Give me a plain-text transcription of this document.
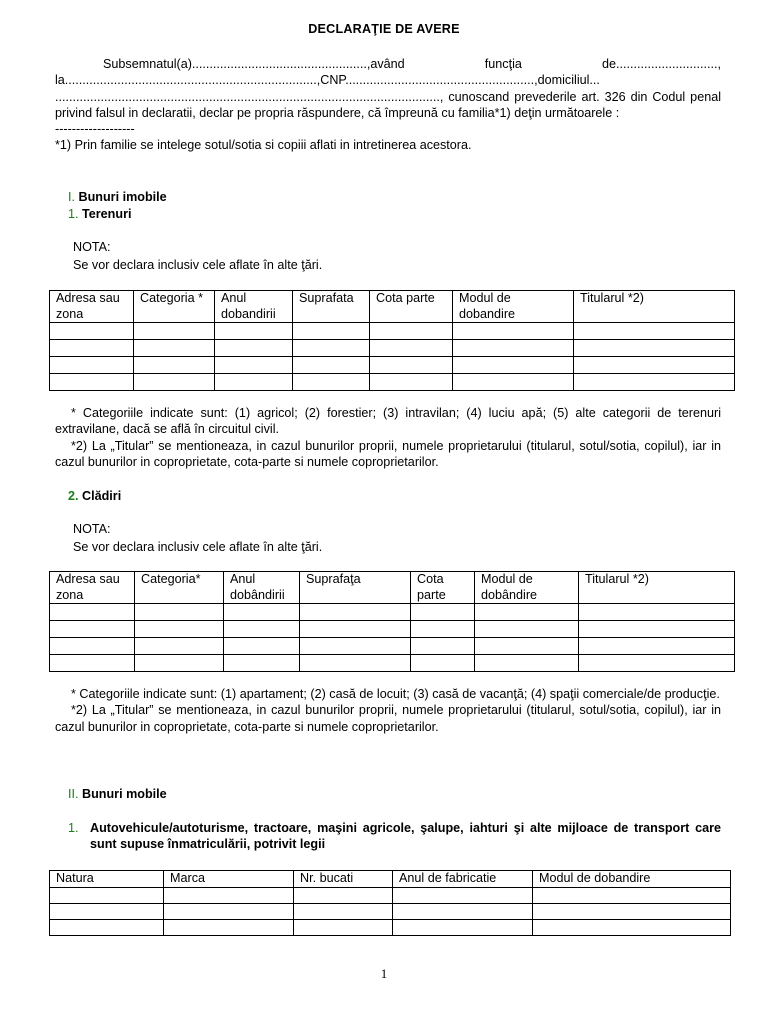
DECLARAŢIE DE AVERE

Subsemnatul(a)..................................................,având funcţia de............................., la........................................................................,CNP......................................................,domiciliul... .............................................................................................................., cunoscand prevederile art. 326 din Codul penal privind falsul in declaratii, declar pe propria răspundere, că împreună cu familia*1) deţin următoarele :

-------------------

*1) Prin familie se intelege sotul/sotia si copiii aflati in intretinerea acestora.

I. Bunuri imobile
1. Terenuri
NOTA:
Se vor declara inclusiv cele aflate în alte ţări.
Adresa sau zona	Categoria *	Anul dobandirii	Suprafata	Cota parte	Modul de dobandire	Titularul *2)

* Categoriile indicate sunt: (1) agricol; (2) forestier; (3) intravilan; (4) luciu apă; (5) alte categorii de terenuri extravilane, dacă se află în circuitul civil.

*2) La „Titular” se mentioneaza, in cazul bunurilor proprii, numele proprietarului (titularul, sotul/sotia, copilul), iar in cazul bunurilor in coproprietate, cota-parte si numele coproprietarilor.

2. Clădiri
NOTA:
Se vor declara inclusiv cele aflate în alte ţări.
Adresa sau zona	Categoria*	Anul dobândirii	Suprafaţa	Cota parte	Modul de dobândire	Titularul *2)

* Categoriile indicate sunt: (1) apartament; (2) casă de locuit; (3) casă de vacanţă; (4) spaţii comerciale/de producţie.

*2) La „Titular” se mentioneaza, in cazul bunurilor proprii, numele proprietarului (titularul, sotul/sotia, copilul), iar in cazul bunurilor in coproprietate, cota-parte si numele coproprietarilor.

II. Bunuri mobile
1. Autovehicule/autoturisme, tractoare, maşini agricole, şalupe, iahturi şi alte mijloace de transport care sunt supuse înmatriculării, potrivit legii
Natura	Marca	Nr. bucati	Anul de fabricatie	Modul de dobandire

1
